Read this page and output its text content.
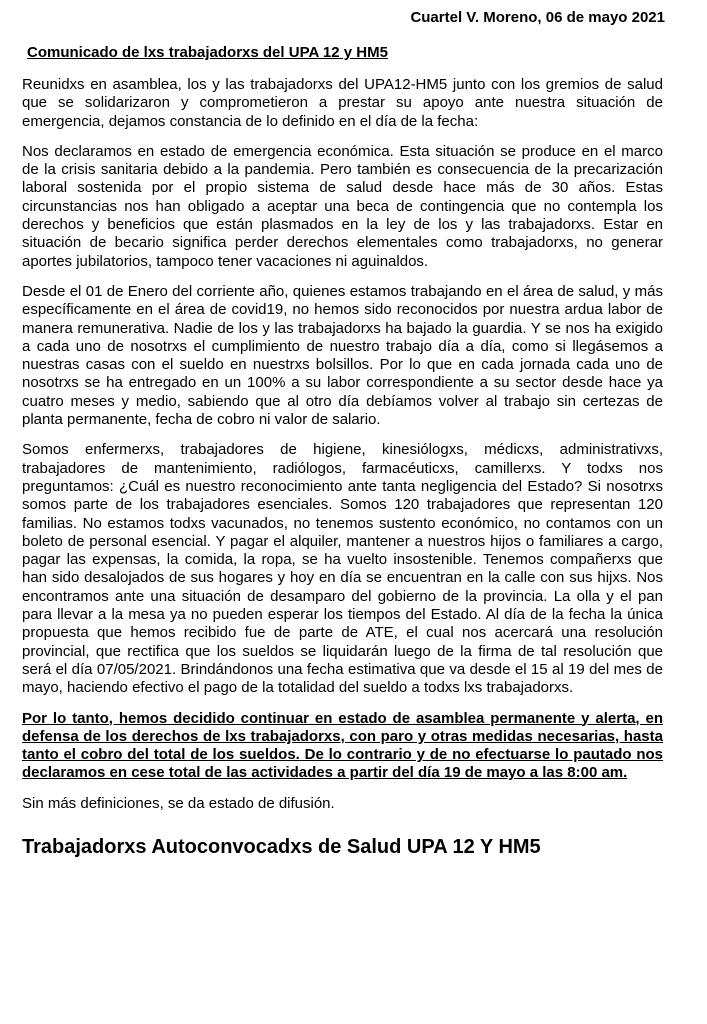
Cuartel V. Moreno, 06 de mayo 2021

Comunicado de lxs trabajadorxs del UPA 12 y HM5

Reunidxs en asamblea, los y las trabajadorxs del UPA12-HM5 junto con los gremios de salud que se solidarizaron y comprometieron a prestar su apoyo ante nuestra situación de emergencia, dejamos constancia de lo definido en el día de la fecha:

Nos declaramos en estado de emergencia económica. Esta situación se produce en el marco de la crisis sanitaria debido a la pandemia. Pero también es consecuencia de la precarización laboral sostenida por el propio sistema de salud desde hace más de 30 años. Estas circunstancias nos han obligado a aceptar una beca de contingencia que no contempla los derechos y beneficios que están plasmados en la ley de los y las trabajadorxs. Estar en situación de becario significa perder derechos elementales como trabajadorxs, no generar aportes jubilatorios, tampoco tener vacaciones ni aguinaldos.

Desde el 01 de Enero del corriente año, quienes estamos trabajando en el área de salud, y más específicamente en el área de covid19, no hemos sido reconocidos por nuestra ardua labor de manera remunerativa. Nadie de los y las trabajadorxs ha bajado la guardia. Y se nos ha exigido a cada uno de nosotrxs el cumplimiento de nuestro trabajo día a día, como si llegásemos a nuestras casas con el sueldo en nuestrxs bolsillos. Por lo que en cada jornada cada uno de nosotrxs se ha entregado en un 100% a su labor correspondiente a su sector desde hace ya cuatro meses y medio, sabiendo que al otro día debíamos volver al trabajo sin certezas de planta permanente, fecha de cobro ni valor de salario.

Somos enfermerxs, trabajadores de higiene, kinesiólogxs, médicxs, administrativxs, trabajadores de mantenimiento, radiólogos, farmacéuticxs, camillerxs. Y todxs nos preguntamos: ¿Cuál es nuestro reconocimiento ante tanta negligencia del Estado? Si nosotrxs somos parte de los trabajadores esenciales. Somos 120 trabajadores que representan 120 familias. No estamos todxs vacunados, no tenemos sustento económico, no contamos con un boleto de personal esencial. Y pagar el alquiler, mantener a nuestros hijos o familiares a cargo, pagar las expensas, la comida, la ropa, se ha vuelto insostenible. Tenemos compañerxs que han sido desalojados de sus hogares y hoy en día se encuentran en la calle con sus hijxs. Nos encontramos ante una situación de desamparo del gobierno de la provincia. La olla y el pan para llevar a la mesa ya no pueden esperar los tiempos del Estado. Al día de la fecha la única propuesta que hemos recibido fue de parte de ATE, el cual nos acercará una resolución provincial, que rectifica que los sueldos se liquidarán luego de la firma de tal resolución que será el día 07/05/2021. Brindándonos una fecha estimativa que va desde el 15 al 19 del mes de mayo, haciendo efectivo el pago de la totalidad del sueldo a todxs lxs trabajadorxs.

Por lo tanto, hemos decidido continuar en estado de asamblea permanente y alerta, en defensa de los derechos de lxs trabajadorxs, con paro y otras medidas necesarias, hasta tanto el cobro del total de los sueldos. De lo contrario y de no efectuarse lo pautado nos declaramos en cese total de las actividades a partir del día 19 de mayo a las 8:00 am.

Sin más definiciones, se da estado de difusión.

Trabajadorxs Autoconvocadxs de Salud UPA 12 Y HM5
